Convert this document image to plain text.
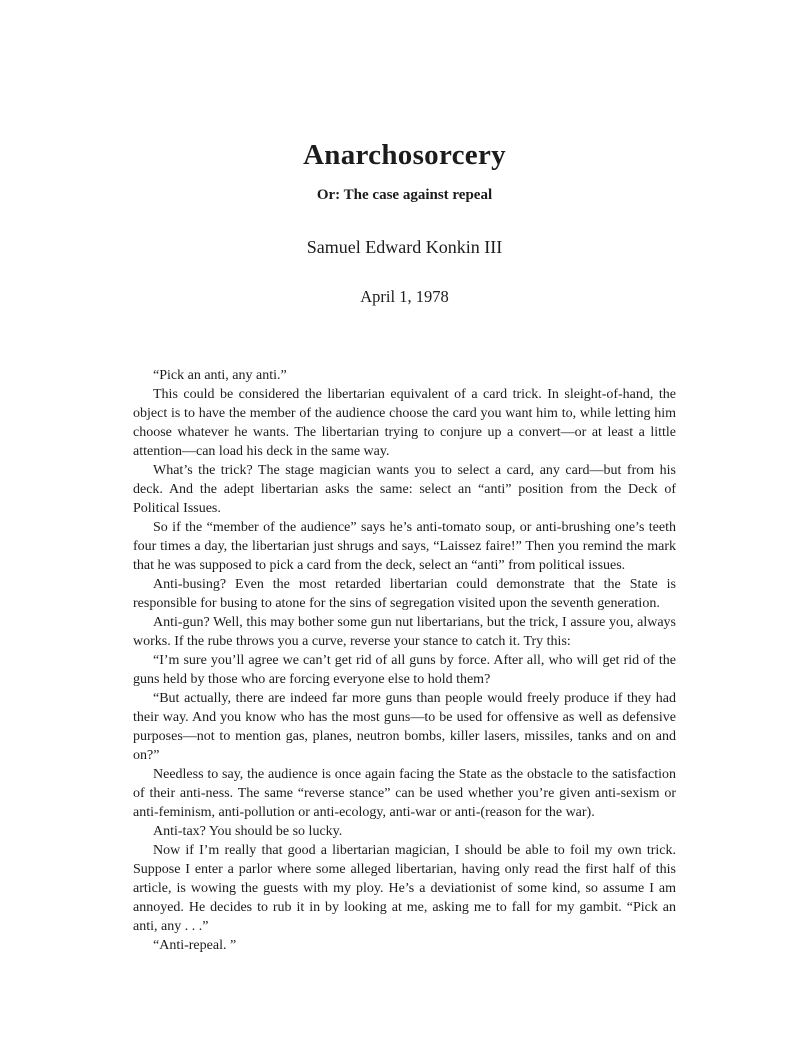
Anarchosorcery
Or: The case against repeal
Samuel Edward Konkin III
April 1, 1978

“Pick an anti, any anti.”

This could be considered the libertarian equivalent of a card trick. In sleight-of-hand, the object is to have the member of the audience choose the card you want him to, while letting him choose whatever he wants. The libertarian trying to conjure up a convert—or at least a little attention—can load his deck in the same way.

What’s the trick? The stage magician wants you to select a card, any card—but from his deck. And the adept libertarian asks the same: select an “anti” position from the Deck of Political Issues.

So if the “member of the audience” says he’s anti-tomato soup, or anti-brushing one’s teeth four times a day, the libertarian just shrugs and says, “Laissez faire!” Then you remind the mark that he was supposed to pick a card from the deck, select an “anti” from political issues.

Anti-busing? Even the most retarded libertarian could demonstrate that the State is responsible for busing to atone for the sins of segregation visited upon the seventh generation.

Anti-gun? Well, this may bother some gun nut libertarians, but the trick, I assure you, always works. If the rube throws you a curve, reverse your stance to catch it. Try this:

“I’m sure you’ll agree we can’t get rid of all guns by force. After all, who will get rid of the guns held by those who are forcing everyone else to hold them?

“But actually, there are indeed far more guns than people would freely produce if they had their way. And you know who has the most guns—to be used for offensive as well as defensive purposes—not to mention gas, planes, neutron bombs, killer lasers, missiles, tanks and on and on?”

Needless to say, the audience is once again facing the State as the obstacle to the satisfaction of their anti-ness. The same “reverse stance” can be used whether you’re given anti-sexism or anti-feminism, anti-pollution or anti-ecology, anti-war or anti-(reason for the war).

Anti-tax? You should be so lucky.

Now if I’m really that good a libertarian magician, I should be able to foil my own trick. Suppose I enter a parlor where some alleged libertarian, having only read the first half of this article, is wowing the guests with my ploy. He’s a deviationist of some kind, so assume I am annoyed. He decides to rub it in by looking at me, asking me to fall for my gambit. “Pick an anti, any . . .”

“Anti-repeal. ”
